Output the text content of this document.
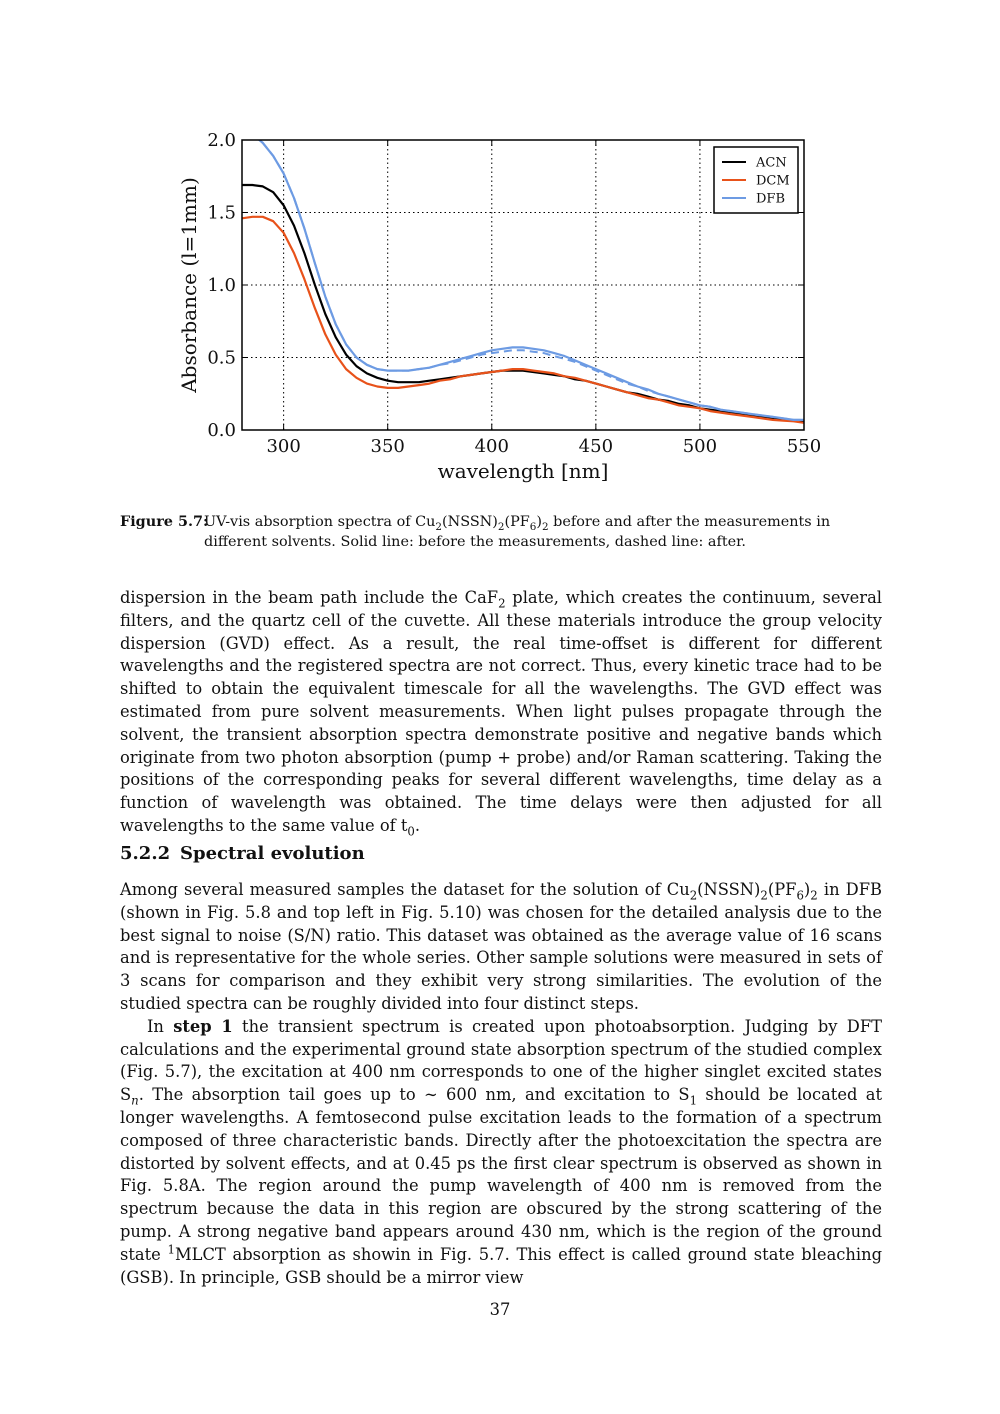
300	350	400	450	500	550
0.0
0.5
1.0
1.5
2.0
wavelength [nm]
Absorbance (l=1mm)
ACN
DCM
DFB
Figure 5.7:
UV-vis absorption spectra of $Cu_2(NSSN)_2(PF_6)_2$ before and after the measurements in different solvents. Solid line: before the measurements, dashed line: after.

dispersion in the beam path include the CaF$_2$ plate, which creates the continuum, several filters, and the quartz cell of the cuvette. All these materials introduce the group velocity dispersion (GVD) effect. As a result, the real time-offset is different for different wavelengths and the registered spectra are not correct. Thus, every kinetic trace had to be shifted to obtain the equivalent timescale for all the wavelengths. The GVD effect was estimated from pure solvent measurements. When light pulses propagate through the solvent, the transient absorption spectra demonstrate positive and negative bands which originate from two photon absorption (pump + probe) and/or Raman scattering. Taking the positions of the corresponding peaks for several different wavelengths, time delay as a function of wavelength was obtained. The time delays were then adjusted for all wavelengths to the same value of $t_0$.

5.2.2 Spectral evolution

Among several measured samples the dataset for the solution of $Cu_2(NSSN)_2(PF_6)_2$ in DFB (shown in Fig. 5.8 and top left in Fig. 5.10) was chosen for the detailed analysis due to the best signal to noise (S/N) ratio. This dataset was obtained as the average value of 16 scans and is representative for the whole series. Other sample solutions were measured in sets of 3 scans for comparison and they exhibit very strong similarities. The evolution of the studied spectra can be roughly divided into four distinct steps.

In step 1 the transient spectrum is created upon photoabsorption. Judging by DFT calculations and the experimental ground state absorption spectrum of the studied complex (Fig. 5.7), the excitation at 400 nm corresponds to one of the higher singlet excited states $S_n$. The absorption tail goes up to ∼ 600 nm, and excitation to $S_1$ should be located at longer wavelengths. A femtosecond pulse excitation leads to the formation of a spectrum composed of three characteristic bands. Directly after the photoexcitation the spectra are distorted by solvent effects, and at 0.45 ps the first clear spectrum is observed as shown in Fig. 5.8A. The region around the pump wavelength of 400 nm is removed from the spectrum because the data in this region are obscured by the strong scattering of the pump. A strong negative band appears around 430 nm, which is the region of the ground state $^1$MLCT absorption as showin in Fig. 5.7. This effect is called ground state bleaching (GSB). In principle, GSB should be a mirror view

37
